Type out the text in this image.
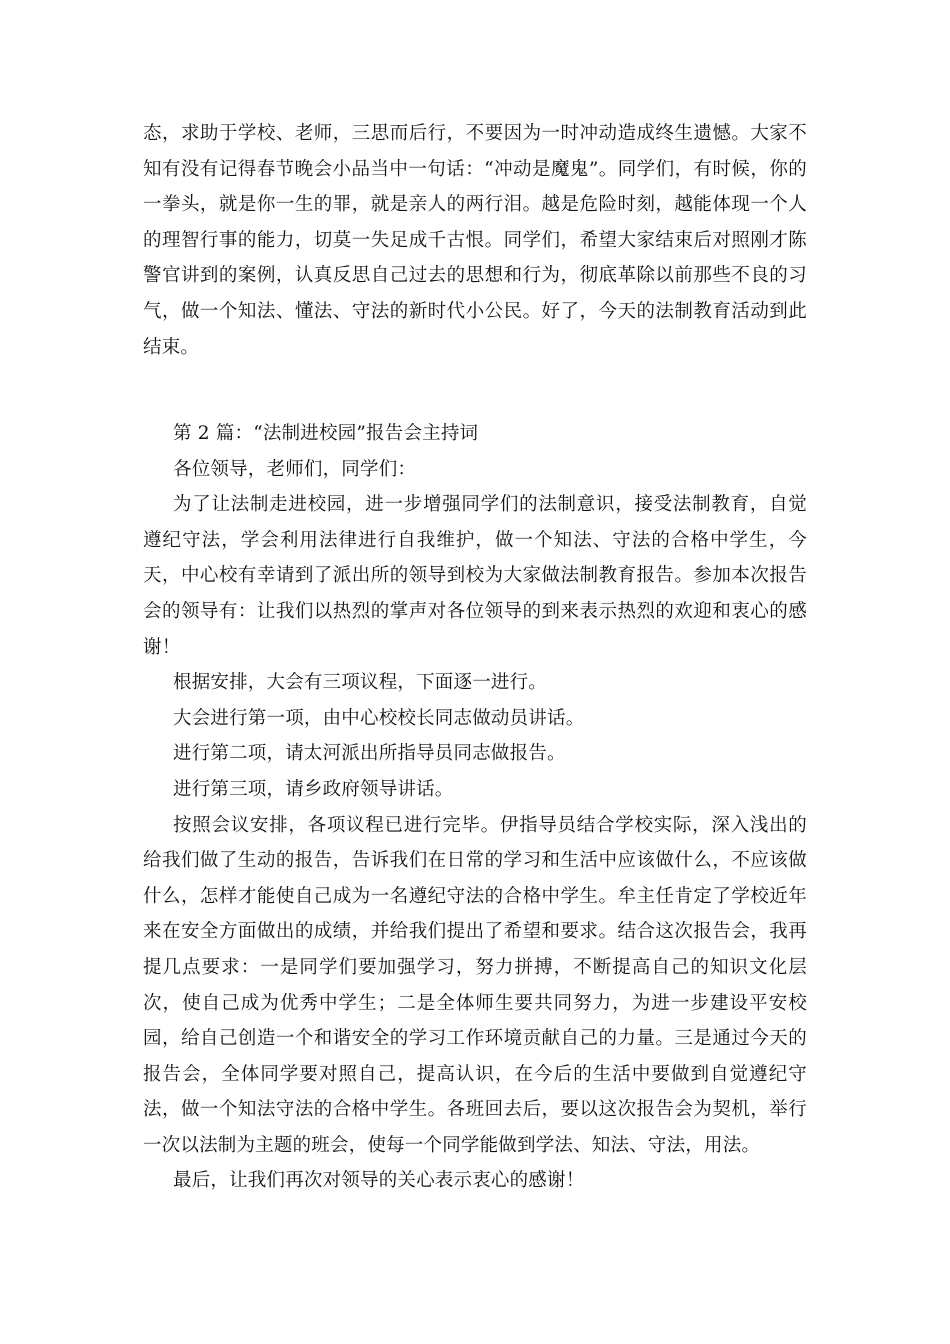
态，求助于学校、老师，三思而后行，不要因为一时冲动造成终生遗憾。大家不知有没有记得春节晚会小品当中一句话：“冲动是魔鬼”。同学们，有时候，你的一拳头，就是你一生的罪，就是亲人的两行泪。越是危险时刻，越能体现一个人的理智行事的能力，切莫一失足成千古恨。同学们，希望大家结束后对照刚才陈警官讲到的案例，认真反思自己过去的思想和行为，彻底革除以前那些不良的习气，做一个知法、懂法、守法的新时代小公民。好了，今天的法制教育活动到此结束。

第 2 篇：“法制进校园”报告会主持词

各位领导，老师们，同学们：

为了让法制走进校园，进一步增强同学们的法制意识，接受法制教育，自觉遵纪守法，学会利用法律进行自我维护，做一个知法、守法的合格中学生，今天，中心校有幸请到了派出所的领导到校为大家做法制教育报告。参加本次报告会的领导有：让我们以热烈的掌声对各位领导的到来表示热烈的欢迎和衷心的感谢！

根据安排，大会有三项议程，下面逐一进行。

大会进行第一项，由中心校校长同志做动员讲话。

进行第二项，请太河派出所指导员同志做报告。

进行第三项，请乡政府领导讲话。

按照会议安排，各项议程已进行完毕。伊指导员结合学校实际，深入浅出的给我们做了生动的报告，告诉我们在日常的学习和生活中应该做什么，不应该做什么，怎样才能使自己成为一名遵纪守法的合格中学生。牟主任肯定了学校近年来在安全方面做出的成绩，并给我们提出了希望和要求。结合这次报告会，我再提几点要求：一是同学们要加强学习，努力拼搏，不断提高自己的知识文化层次，使自己成为优秀中学生；二是全体师生要共同努力，为进一步建设平安校园，给自己创造一个和谐安全的学习工作环境贡献自己的力量。三是通过今天的报告会，全体同学要对照自己，提高认识，在今后的生活中要做到自觉遵纪守法，做一个知法守法的合格中学生。各班回去后，要以这次报告会为契机，举行一次以法制为主题的班会，使每一个同学能做到学法、知法、守法，用法。

最后，让我们再次对领导的关心表示衷心的感谢！
